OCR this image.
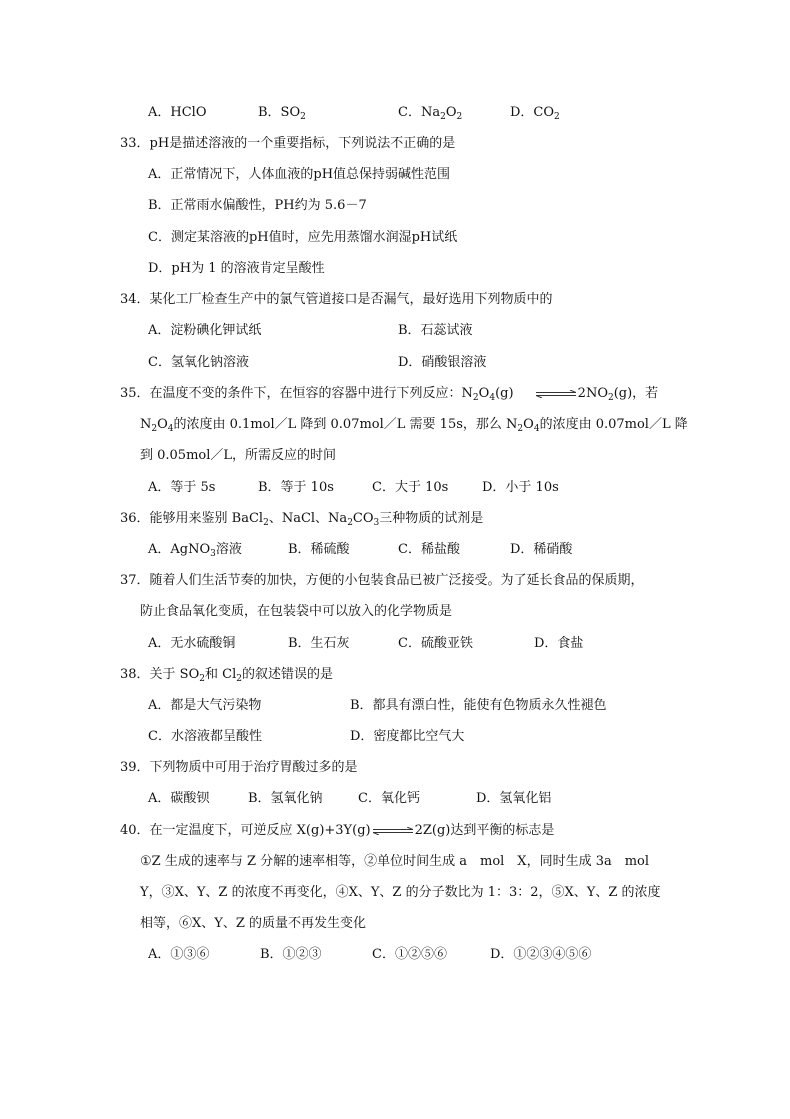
A．HClO	B．$SO_2$	C．$Na_2O_2$	D．$CO_2$
33．pH是描述溶液的一个重要指标，下列说法不正确的是
A．正常情况下，人体血液的pH值总保持弱碱性范围
B．正常雨水偏酸性，PH约为 5.6－7
C．测定某溶液的pH值时，应先用蒸馏水润湿pH试纸
D．pH为 1 的溶液肯定呈酸性
34．某化工厂检查生产中的氯气管道接口是否漏气，最好选用下列物质中的
A．淀粉碘化钾试纸	B．石蕊试液
C．氢氧化钠溶液	D．硝酸银溶液
35．在温度不变的条件下，在恒容的容器中进行下列反应：$N_2O_4(g)$ ⇌ $2NO_2(g)$，若
$N_2O_4$的浓度由 0.1mol／L 降到 0.07mol／L 需要 15s，那么 $N_2O_4$的浓度由 0.07mol／L 降
到 0.05mol／L，所需反应的时间
A．等于 5s	B．等于 10s	C．大于 10s	D．小于 10s
36．能够用来鉴别 BaCl$_2$、NaCl、$Na_2CO_3$三种物质的试剂是
A．AgNO$_3$溶液	B．稀硫酸	C．稀盐酸	D．稀硝酸
37．随着人们生活节奏的加快，方便的小包装食品已被广泛接受。为了延长食品的保质期，
防止食品氧化变质，在包装袋中可以放入的化学物质是
A．无水硫酸铜	B．生石灰	C．硫酸亚铁	D．食盐
38．关于 $SO_2$和 $Cl_2$的叙述错误的是
A．都是大气污染物	B．都具有漂白性，能使有色物质永久性褪色
C．水溶液都呈酸性	D．密度都比空气大
39．下列物质中可用于治疗胃酸过多的是
A．碳酸钡	B．氢氧化钠	C．氧化钙	D．氢氧化铝
40．在一定温度下，可逆反应 X(g)+3Y(g) ⇌ 2Z(g)达到平衡的标志是
①Z 生成的速率与 Z 分解的速率相等，②单位时间生成 a　mol　X，同时生成 3a　mol
Y，③X、Y、Z 的浓度不再变化，④X、Y、Z 的分子数比为 1：3：2，⑤X、Y、Z 的浓度
相等，⑥X、Y、Z 的质量不再发生变化
A．①③⑥	B．①②③	C．①②⑤⑥	D．①②③④⑤⑥
